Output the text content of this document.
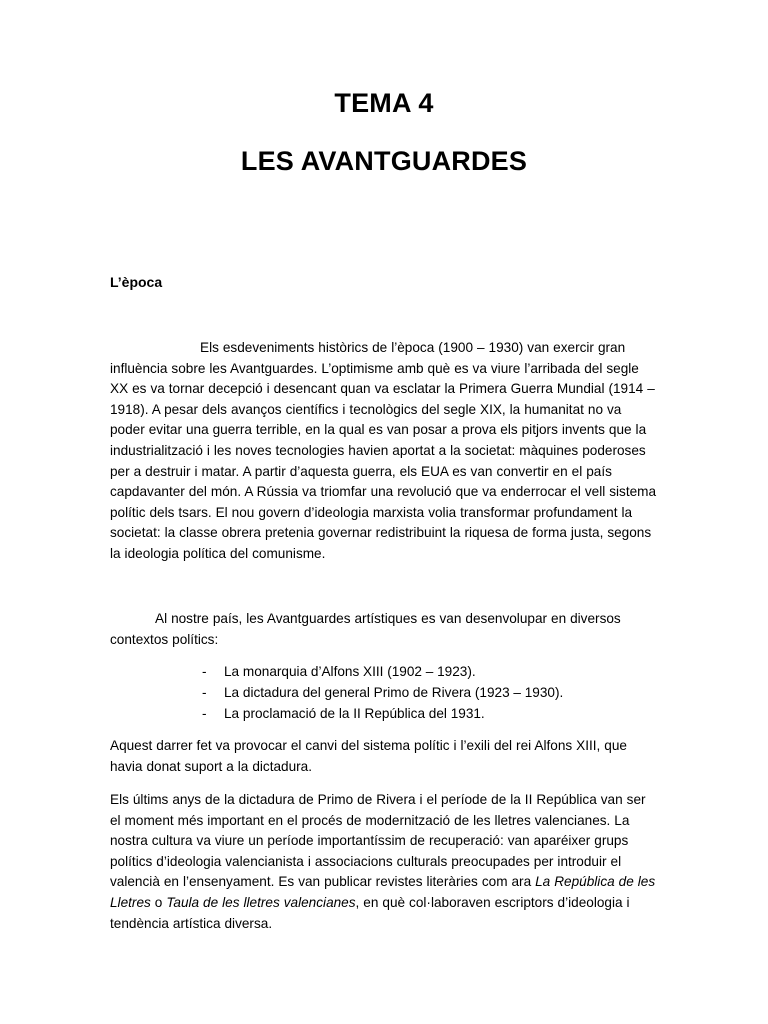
TEMA 4
LES AVANTGUARDES
L’època

Els esdeveniments històrics de l’època (1900 – 1930) van exercir gran influència sobre les Avantguardes. L’optimisme amb què es va viure l’arribada del segle XX es va tornar decepció i desencant quan va esclatar la Primera Guerra Mundial (1914 – 1918). A pesar dels avanços científics i tecnològics del segle XIX, la humanitat no va poder evitar una guerra terrible, en la qual es van posar a prova els pitjors invents que la industrialització i les noves tecnologies havien aportat a la societat: màquines poderoses per a destruir i matar. A partir d’aquesta guerra, els EUA es van convertir en el país capdavanter del món. A Rússia va triomfar una revolució que va enderrocar el vell sistema polític dels tsars. El nou govern d’ideologia marxista volia transformar profundament la societat: la classe obrera pretenia governar redistribuint la riquesa de forma justa, segons la ideologia política del comunisme.

Al nostre país, les Avantguardes artístiques es van desenvolupar en diversos contextos polítics:

- La monarquia d’Alfons XIII (1902 – 1923).
- La dictadura del general Primo de Rivera (1923 – 1930).
- La proclamació de la II República del 1931.

Aquest darrer fet va provocar el canvi del sistema polític i l’exili del rei Alfons XIII, que havia donat suport a la dictadura.

Els últims anys de la dictadura de Primo de Rivera i el període de la II República van ser el moment més important en el procés de modernització de les lletres valencianes. La nostra cultura va viure un període importantíssim de recuperació: van aparéixer grups polítics d’ideologia valencianista i associacions culturals preocupades per introduir el valencià en l’ensenyament. Es van publicar revistes literàries com ara La República de les Lletres o Taula de les lletres valencianes, en què col·laboraven escriptors d’ideologia i tendència artística diversa.
